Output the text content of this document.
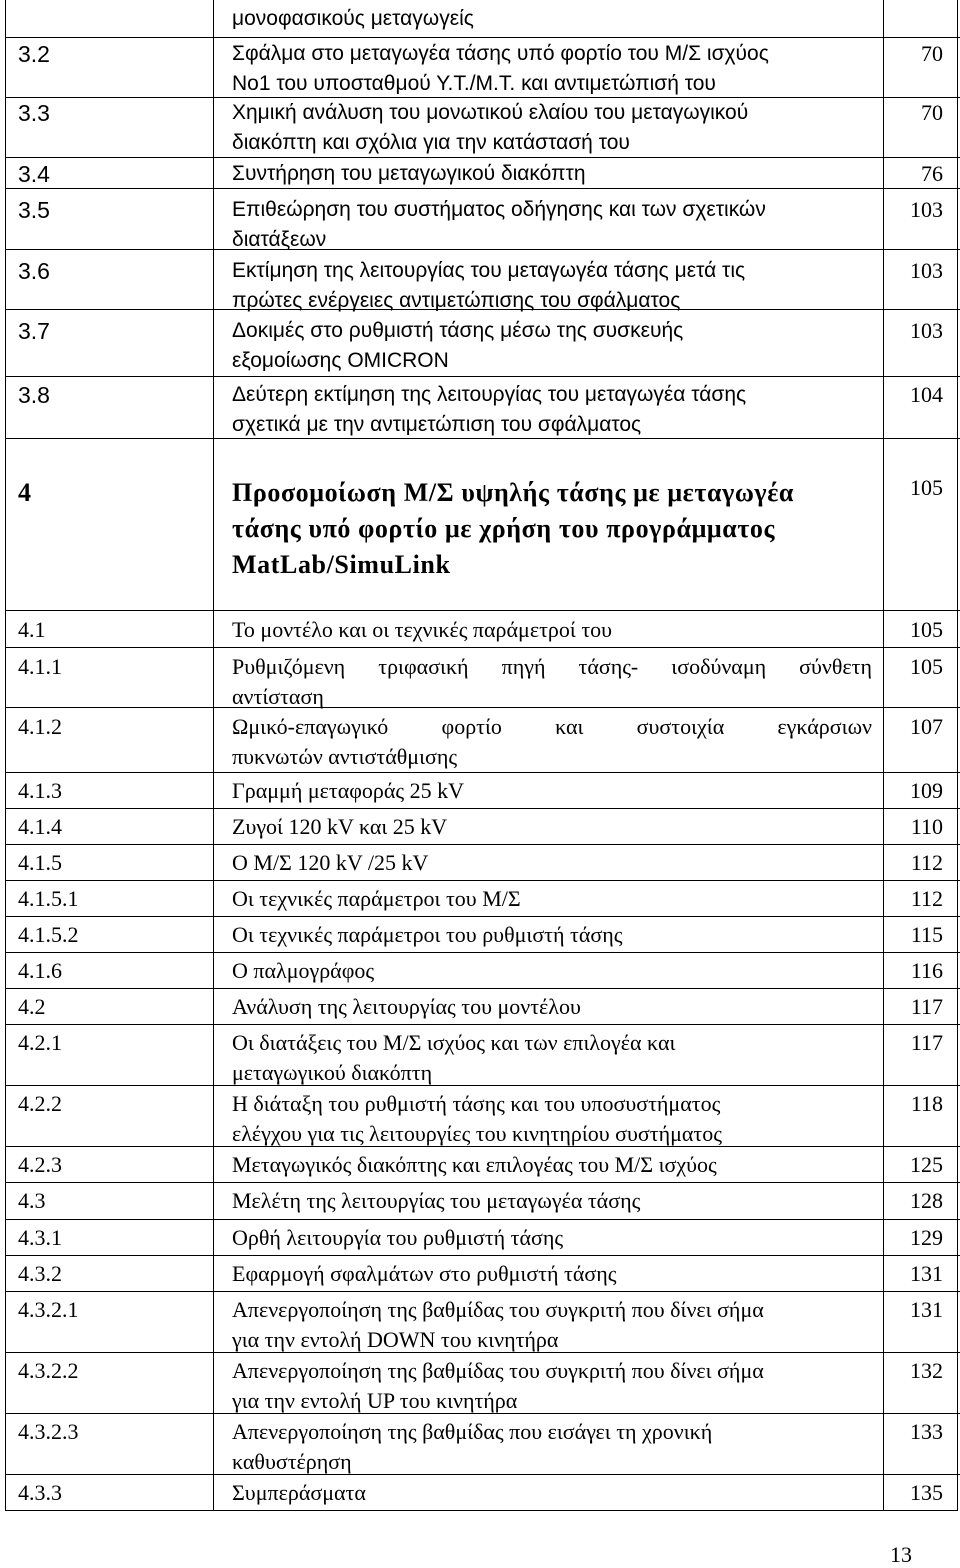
μονοφασικούς μεταγωγείς
3.2	Σφάλμα στο μεταγωγέα τάσης υπό φορτίο του Μ/Σ ισχύος
Νο1 του υποσταθμού Υ.Τ./Μ.Τ. και αντιμετώπισή του
70
3.3	Χημική ανάλυση του μονωτικού ελαίου του μεταγωγικού
διακόπτη και σχόλια για την κατάστασή του
70
3.4	Συντήρηση του μεταγωγικού διακόπτη	76
3.5	Επιθεώρηση του συστήματος οδήγησης και των σχετικών
διατάξεων
103
3.6	Εκτίμηση της λειτουργίας του μεταγωγέα τάσης μετά τις
πρώτες ενέργειες αντιμετώπισης του σφάλματος
103
3.7	Δοκιμές στο ρυθμιστή τάσης μέσω της συσκευής
εξομοίωσης OMICRON
103
3.8	Δεύτερη εκτίμηση της λειτουργίας του μεταγωγέα τάσης
σχετικά με την αντιμετώπιση του σφάλματος
104
4	Προσομοίωση Μ/Σ υψηλής τάσης με μεταγωγέα
τάσης υπό φορτίο με χρήση του προγράμματος
MatLab/SimuLink
105
4.1	Το μοντέλο και οι τεχνικές παράμετροί του	105
4.1.1	Ρυθμιζόμενη τριφασική πηγή τάσης- ισοδύναμη σύνθετη
αντίσταση
105
4.1.2	Ωμικό-επαγωγικό φορτίο και συστοιχία εγκάρσιων
πυκνωτών αντιστάθμισης
107
4.1.3	Γραμμή μεταφοράς 25 kV	109
4.1.4	Ζυγοί 120 kV και 25 kV	110
4.1.5	Ο Μ/Σ 120 kV /25 kV	112
4.1.5.1	Οι τεχνικές παράμετροι του Μ/Σ	112
4.1.5.2	Οι τεχνικές παράμετροι του ρυθμιστή τάσης	115
4.1.6	Ο παλμογράφος	116
4.2	Ανάλυση της λειτουργίας του μοντέλου	117
4.2.1	Οι διατάξεις του Μ/Σ ισχύος και των επιλογέα και
μεταγωγικού διακόπτη
117
4.2.2	Η διάταξη του ρυθμιστή τάσης και του υποσυστήματος
ελέγχου για τις λειτουργίες του κινητηρίου συστήματος
118
4.2.3	Μεταγωγικός διακόπτης και επιλογέας του Μ/Σ ισχύος	125
4.3	Μελέτη της λειτουργίας του μεταγωγέα τάσης	128
4.3.1	Ορθή λειτουργία του ρυθμιστή τάσης	129
4.3.2	Εφαρμογή σφαλμάτων στο ρυθμιστή τάσης	131
4.3.2.1	Απενεργοποίηση της βαθμίδας του συγκριτή που δίνει σήμα
για την εντολή DOWN του κινητήρα
131
4.3.2.2	Απενεργοποίηση της βαθμίδας του συγκριτή που δίνει σήμα
για την εντολή UP του κινητήρα
132
4.3.2.3	Απενεργοποίηση της βαθμίδας που εισάγει τη χρονική
καθυστέρηση
133
4.3.3	Συμπεράσματα	135
13
